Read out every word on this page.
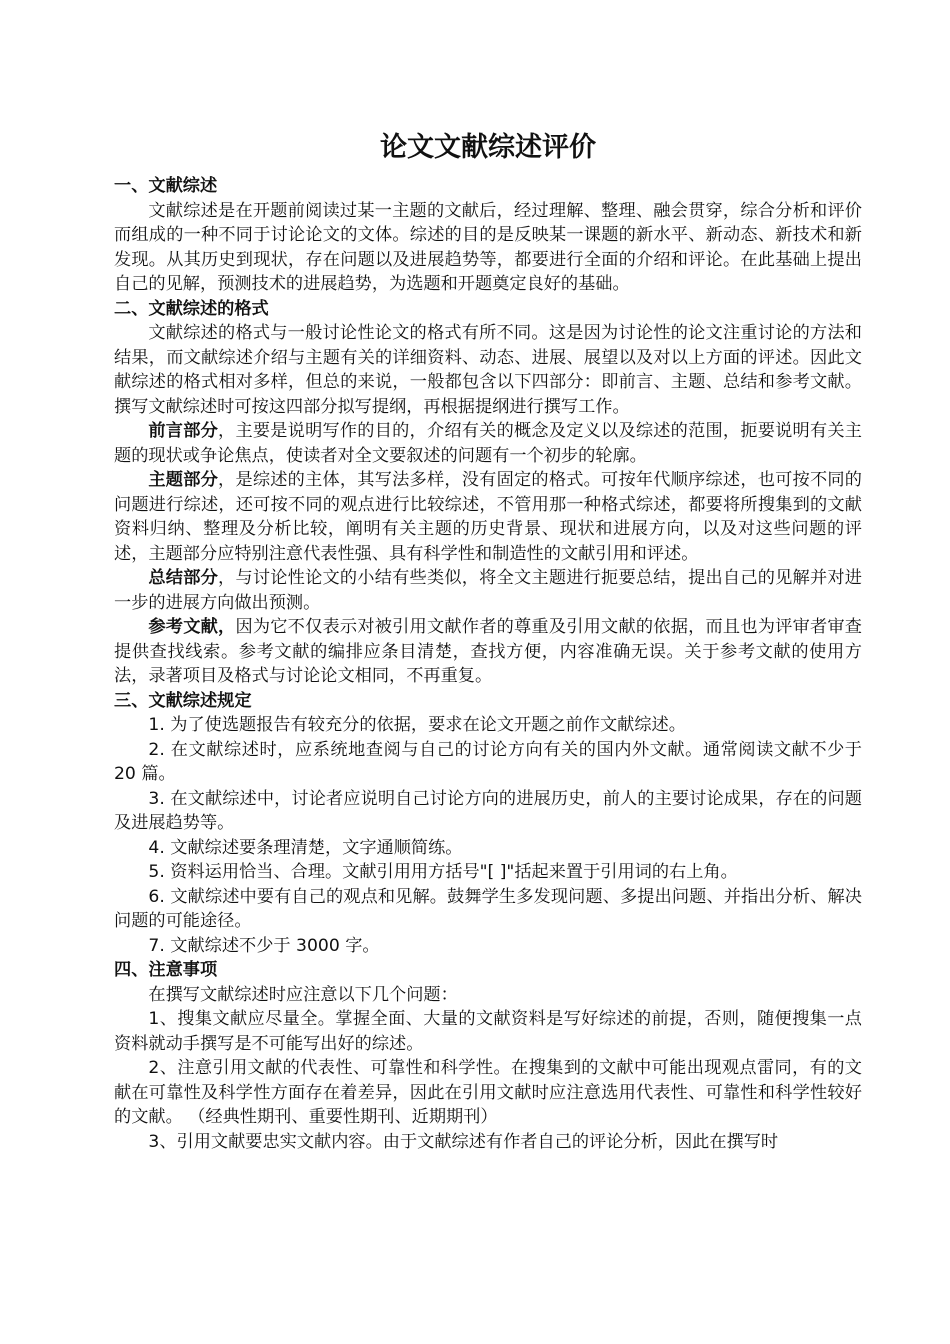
论文文献综述评价
一、文献综述

文献综述是在开题前阅读过某一主题的文献后，经过理解、整理、融会贯穿，综合分析和评价而组成的一种不同于讨论论文的文体。综述的目的是反映某一课题的新水平、新动态、新技术和新发现。从其历史到现状，存在问题以及进展趋势等，都要进行全面的介绍和评论。在此基础上提出自己的见解，预测技术的进展趋势，为选题和开题奠定良好的基础。

二、文献综述的格式

文献综述的格式与一般讨论性论文的格式有所不同。这是因为讨论性的论文注重讨论的方法和结果，而文献综述介绍与主题有关的详细资料、动态、进展、展望以及对以上方面的评述。因此文献综述的格式相对多样，但总的来说，一般都包含以下四部分：即前言、主题、总结和参考文献。撰写文献综述时可按这四部分拟写提纲，再根据提纲进行撰写工作。

前言部分，主要是说明写作的目的，介绍有关的概念及定义以及综述的范围，扼要说明有关主题的现状或争论焦点，使读者对全文要叙述的问题有一个初步的轮廓。

主题部分，是综述的主体，其写法多样，没有固定的格式。可按年代顺序综述，也可按不同的问题进行综述，还可按不同的观点进行比较综述，不管用那一种格式综述，都要将所搜集到的文献资料归纳、整理及分析比较，阐明有关主题的历史背景、现状和进展方向，以及对这些问题的评述，主题部分应特别注意代表性强、具有科学性和制造性的文献引用和评述。

总结部分，与讨论性论文的小结有些类似，将全文主题进行扼要总结，提出自己的见解并对进一步的进展方向做出预测。

参考文献，因为它不仅表示对被引用文献作者的尊重及引用文献的依据，而且也为评审者审查提供查找线索。参考文献的编排应条目清楚，查找方便，内容准确无误。关于参考文献的使用方法，录著项目及格式与讨论论文相同，不再重复。

三、文献综述规定

1. 为了使选题报告有较充分的依据，要求在论文开题之前作文献综述。

2. 在文献综述时，应系统地查阅与自己的讨论方向有关的国内外文献。通常阅读文献不少于 20 篇。

3. 在文献综述中，讨论者应说明自己讨论方向的进展历史，前人的主要讨论成果，存在的问题及进展趋势等。

4. 文献综述要条理清楚，文字通顺简练。

5. 资料运用恰当、合理。文献引用用方括号"[ ]"括起来置于引用词的右上角。

6. 文献综述中要有自己的观点和见解。鼓舞学生多发现问题、多提出问题、并指出分析、解决问题的可能途径。

7. 文献综述不少于 3000 字。

四、注意事项

在撰写文献综述时应注意以下几个问题：

1、搜集文献应尽量全。掌握全面、大量的文献资料是写好综述的前提，否则，随便搜集一点资料就动手撰写是不可能写出好的综述。

2、注意引用文献的代表性、可靠性和科学性。在搜集到的文献中可能出现观点雷同，有的文献在可靠性及科学性方面存在着差异，因此在引用文献时应注意选用代表性、可靠性和科学性较好的文献。 （经典性期刊、重要性期刊、近期期刊）

3、引用文献要忠实文献内容。由于文献综述有作者自己的评论分析，因此在撰写时
